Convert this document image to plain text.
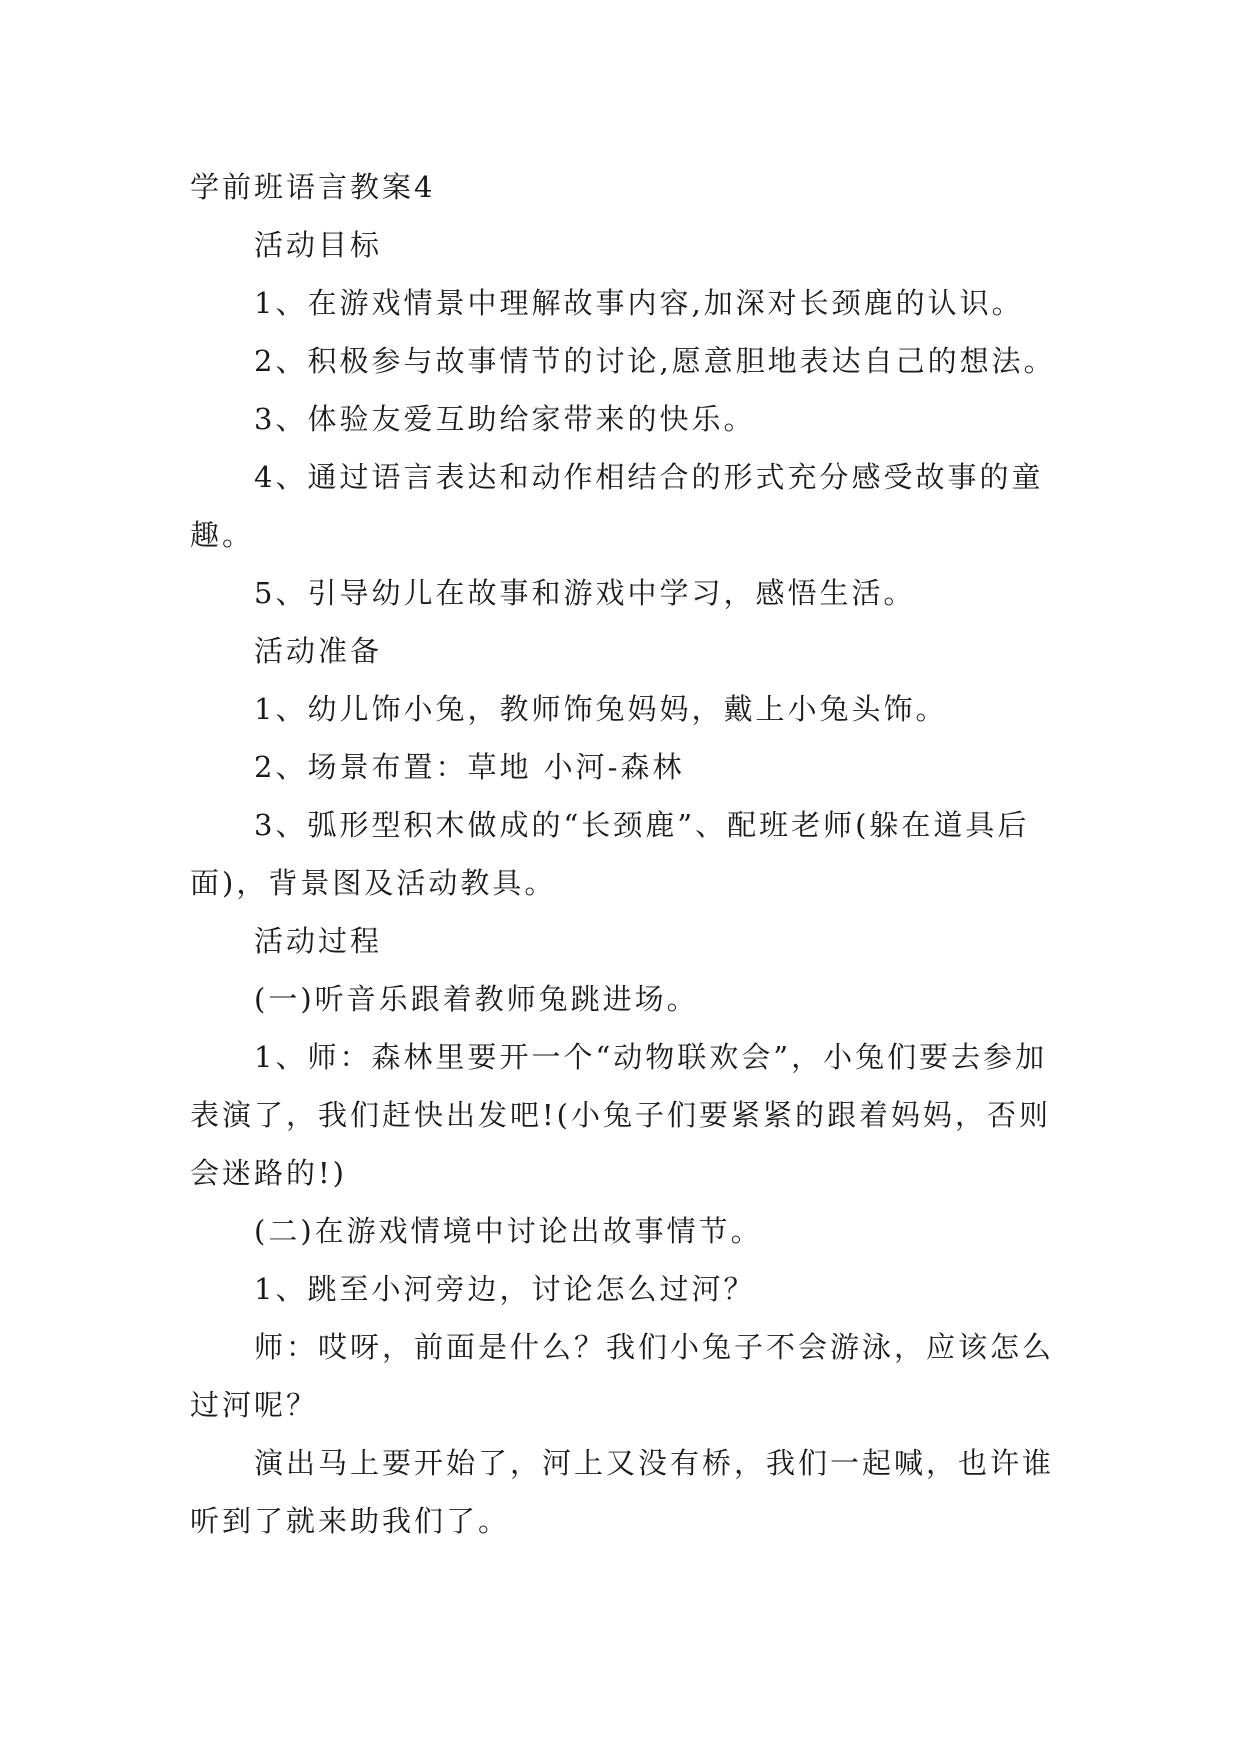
学前班语言教案4

活动目标

1、在游戏情景中理解故事内容,加深对长颈鹿的认识。

2、积极参与故事情节的讨论,愿意胆地表达自己的想法。

3、体验友爱互助给家带来的快乐。

4、通过语言表达和动作相结合的形式充分感受故事的童趣。

5、引导幼儿在故事和游戏中学习，感悟生活。

活动准备

1、幼儿饰小兔，教师饰兔妈妈，戴上小兔头饰。

2、场景布置：草地 小河-森林

3、弧形型积木做成的“长颈鹿”、配班老师(躲在道具后面)，背景图及活动教具。

活动过程

(一)听音乐跟着教师兔跳进场。

1、师：森林里要开一个“动物联欢会”，小兔们要去参加表演了，我们赶快出发吧!(小兔子们要紧紧的跟着妈妈，否则会迷路的!)

(二)在游戏情境中讨论出故事情节。

1、跳至小河旁边，讨论怎么过河？

师：哎呀，前面是什么？我们小兔子不会游泳，应该怎么过河呢？

演出马上要开始了，河上又没有桥，我们一起喊，也许谁听到了就来助我们了。
